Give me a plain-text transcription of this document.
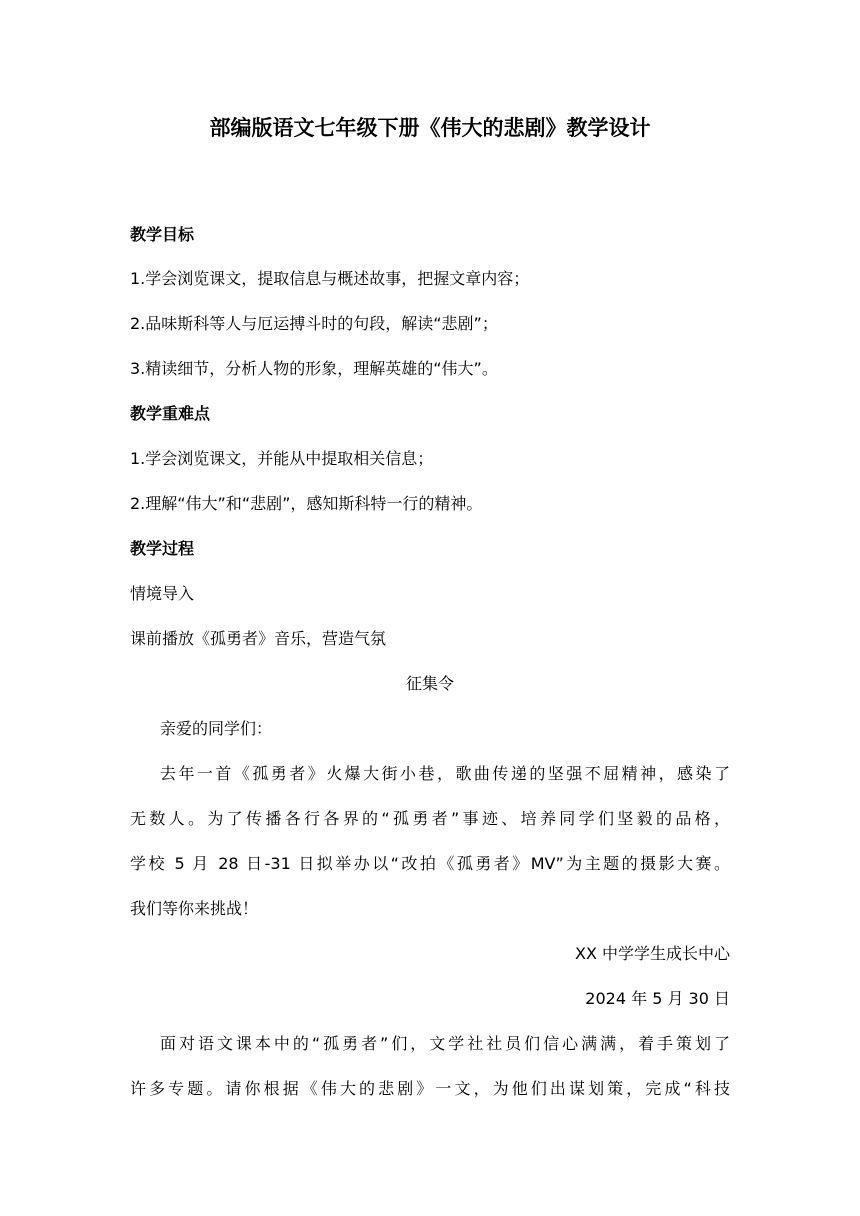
部编版语文七年级下册《伟大的悲剧》教学设计

教学目标

1.学会浏览课文，提取信息与概述故事，把握文章内容；

2.品味斯科等人与厄运搏斗时的句段，解读“悲剧”；

3.精读细节，分析人物的形象，理解英雄的“伟大”。

教学重难点

1.学会浏览课文，并能从中提取相关信息；

2.理解“伟大”和“悲剧”，感知斯科特一行的精神。

教学过程

情境导入

课前播放《孤勇者》音乐，营造气氛

征集令

亲爱的同学们：

去年一首《孤勇者》火爆大街小巷，歌曲传递的坚强不屈精神，感染了

无数人。为了传播各行各界的“孤勇者”事迹、培养同学们坚毅的品格，

学校 5 月 28 日-31 日拟举办以“改拍《孤勇者》MV”为主题的摄影大赛。

我们等你来挑战！

XX 中学学生成长中心

2024 年 5 月 30 日

面对语文课本中的“孤勇者”们，文学社社员们信心满满，着手策划了

许多专题。请你根据《伟大的悲剧》一文，为他们出谋划策，完成“科技
